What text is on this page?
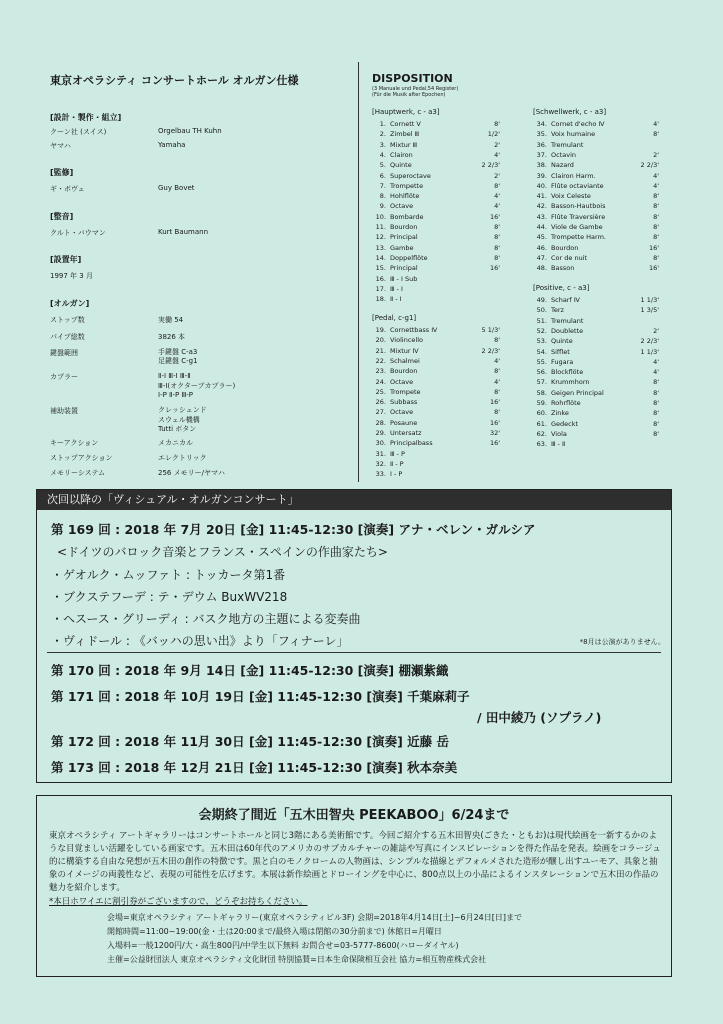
東京オペラシティ コンサートホール オルガン仕様
[設計・製作・組立]
クーン社 (スイス)	Orgelbau TH Kuhn
ヤマハ	Yamaha
[監修]
ギ・ボヴェ	Guy Bovet
[整音]
クルト・バウマン	Kurt Baumann
[設置年]
1997 年 3 月
[オルガン]
ストップ数	実働 54
パイプ総数	3826 本
鍵盤範囲	手鍵盤 C-a3
足鍵盤 C-g1
カプラー	Ⅱ-Ⅰ Ⅲ-Ⅰ Ⅲ-Ⅱ
Ⅲ-Ⅰ(オクターブカプラー)
Ⅰ-P Ⅱ-P Ⅲ-P
補助装置	クレッシェンド
スウェル機構
Tutti ボタン
キーアクション	メカニカル
ストップアクション	エレクトリック
メモリーシステム	256 メモリー/ヤマハ
DISPOSITION
(3 Manuale und Pedal,54 Register)
(Für die Musik after Epochen)
[Hauptwerk, c - a3]
[Pedal, c-g1]
[Schwellwerk, c - a3]
[Positive, c - a3]
次回以降の「ヴィシュアル・オルガンコンサート」
第 169 回 : 2018 年 7月 20日 [金] 11:45-12:30 [演奏] アナ・ベレン・ガルシア
<ドイツのバロック音楽とフランス・スペインの作曲家たち>
・ゲオルク・ムッファト : トッカータ第1番
・ブクステフーデ : テ・デウム BuxWV218
・ヘスース・グリーディ : バスク地方の主題による変奏曲
・ヴィドール : 《バッハの思い出》より「フィナーレ」	*8月は公演がありません。
第 170 回 : 2018 年 9月 14日 [金] 11:45-12:30 [演奏] 棚瀬紫織
第 171 回 : 2018 年 10月 19日 [金] 11:45-12:30 [演奏] 千葉麻莉子
/ 田中綾乃 (ソプラノ)
第 172 回 : 2018 年 11月 30日 [金] 11:45-12:30 [演奏] 近藤 岳
第 173 回 : 2018 年 12月 21日 [金] 11:45-12:30 [演奏] 秋本奈美
会期終了間近「五木田智央 PEEKABOO」6/24まで
東京オペラシティ アートギャラリーはコンサートホールと同じ3階にある美術館です。今回ご紹介する五木田智央(ごきた・ともお)は現代絵画を一新するかのような目覚ましい活躍をしている画家です。五木田は60年代のアメリカのサブカルチャーの雑誌や写真にインスピレーションを得た作品を発表。絵画をコラージュ的に構築する自由な発想が五木田の創作の特徴です。黒と白のモノクロームの人物画は、シンプルな描線とデフォルメされた造形が醸し出すユーモア、具象と抽象のイメージの両義性など、表現の可能性を広げます。本展は新作絵画とドローイングを中心に、800点以上の小品によるインスタレーションで五木田の作品の魅力を紹介します。
*本日ホワイエに割引券がございますので、どうぞお持ちください。
会場=東京オペラシティ アートギャラリー(東京オペラシティビル3F) 会期=2018年4月14日[土]~6月24日[日]まで
開館時間=11:00~19:00(金・土は20:00まで/最終入場は閉館の30分前まで) 休館日=月曜日
入場料=一般1200円/大・高生800円/中学生以下無料 お問合せ=03-5777-8600(ハローダイヤル)
主催=公益財団法人 東京オペラシティ文化財団 特別協賛=日本生命保険相互会社 協力=相互物産株式会社
1. Cornett Ⅴ	8'
2. Zimbel Ⅲ	1/2'
3. Mixtur Ⅲ	2'
4. Clairon	4'
5. Quinte	2 2/3'
6. Superoctave	2'
7. Trompette	8'
8. Hohlflöte	4'
9. Octave	4'
10. Bombarde	16'
11. Bourdon	8'
12. Principal	8'
13. Gambe	8'
14. Doppelflöte	8'
15. Principal	16'
16. Ⅲ - Ⅰ Sub
17. Ⅲ - Ⅰ
18. Ⅱ - Ⅰ
19. Cornettbass Ⅳ	5 1/3'
20. Violincello	8'
21. Mixtur Ⅳ	2 2/3'
22. Schalmei	4'
23. Bourdon	8'
24. Octave	4'
25. Trompete	8'
26. Subbass	16'
27. Octave	8'
28. Posaune	16'
29. Untersatz	32'
30. Principalbass	16'
31. Ⅲ - P
32. Ⅱ - P
33. Ⅰ - P
34. Cornet d'echo Ⅳ	4'
35. Voix humaine	8'
36. Tremulant
37. Octavin	2'
38. Nazard	2 2/3'
39. Clairon Harm.	4'
40. Flûte octaviante	4'
41. Voix Celeste	8'
42. Basson-Hautbois	8'
43. Flûte Traversière	8'
44. Viole de Gambe	8'
45. Trompette Harm.	8'
46. Bourdon	16'
47. Cor de nuit	8'
48. Basson	16'
49. Scharf Ⅳ	1 1/3'
50. Terz	1 3/5'
51. Tremulant
52. Doublette	2'
53. Quinte	2 2/3'
54. Sifflet	1 1/3'
55. Fugara	4'
56. Blockflöte	4'
57. Krummhorn	8'
58. Geigen Principal	8'
59. Rohrflöte	8'
60. Zinke	8'
61. Gedeckt	8'
62. Viola	8'
63. Ⅲ - Ⅱ
